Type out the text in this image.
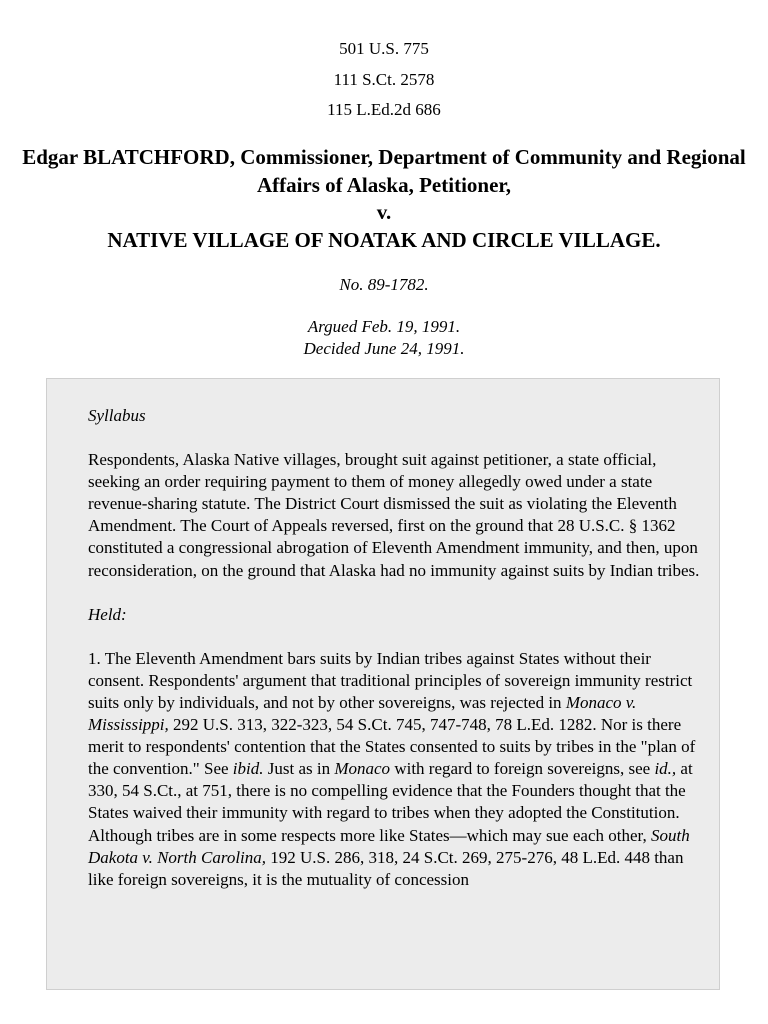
501 U.S. 775
111 S.Ct. 2578
115 L.Ed.2d 686
Edgar BLATCHFORD, Commissioner, Department of Community and Regional Affairs of Alaska, Petitioner,
v.
NATIVE VILLAGE OF NOATAK AND CIRCLE VILLAGE.
No. 89-1782.
Argued Feb. 19, 1991.
Decided June 24, 1991.

Syllabus

Respondents, Alaska Native villages, brought suit against petitioner, a state official, seeking an order requiring payment to them of money allegedly owed under a state revenue-sharing statute. The District Court dismissed the suit as violating the Eleventh Amendment. The Court of Appeals reversed, first on the ground that 28 U.S.C. § 1362 constituted a congressional abrogation of Eleventh Amendment immunity, and then, upon reconsideration, on the ground that Alaska had no immunity against suits by Indian tribes.

Held:

1. The Eleventh Amendment bars suits by Indian tribes against States without their consent. Respondents' argument that traditional principles of sovereign immunity restrict suits only by individuals, and not by other sovereigns, was rejected in Monaco v. Mississippi, 292 U.S. 313, 322-323, 54 S.Ct. 745, 747-748, 78 L.Ed. 1282. Nor is there merit to respondents' contention that the States consented to suits by tribes in the "plan of the convention." See ibid. Just as in Monaco with regard to foreign sovereigns, see id., at 330, 54 S.Ct., at 751, there is no compelling evidence that the Founders thought that the States waived their immunity with regard to tribes when they adopted the Constitution. Although tribes are in some respects more like States—which may sue each other, South Dakota v. North Carolina, 192 U.S. 286, 318, 24 S.Ct. 269, 275-276, 48 L.Ed. 448 than like foreign sovereigns, it is the mutuality of concession
